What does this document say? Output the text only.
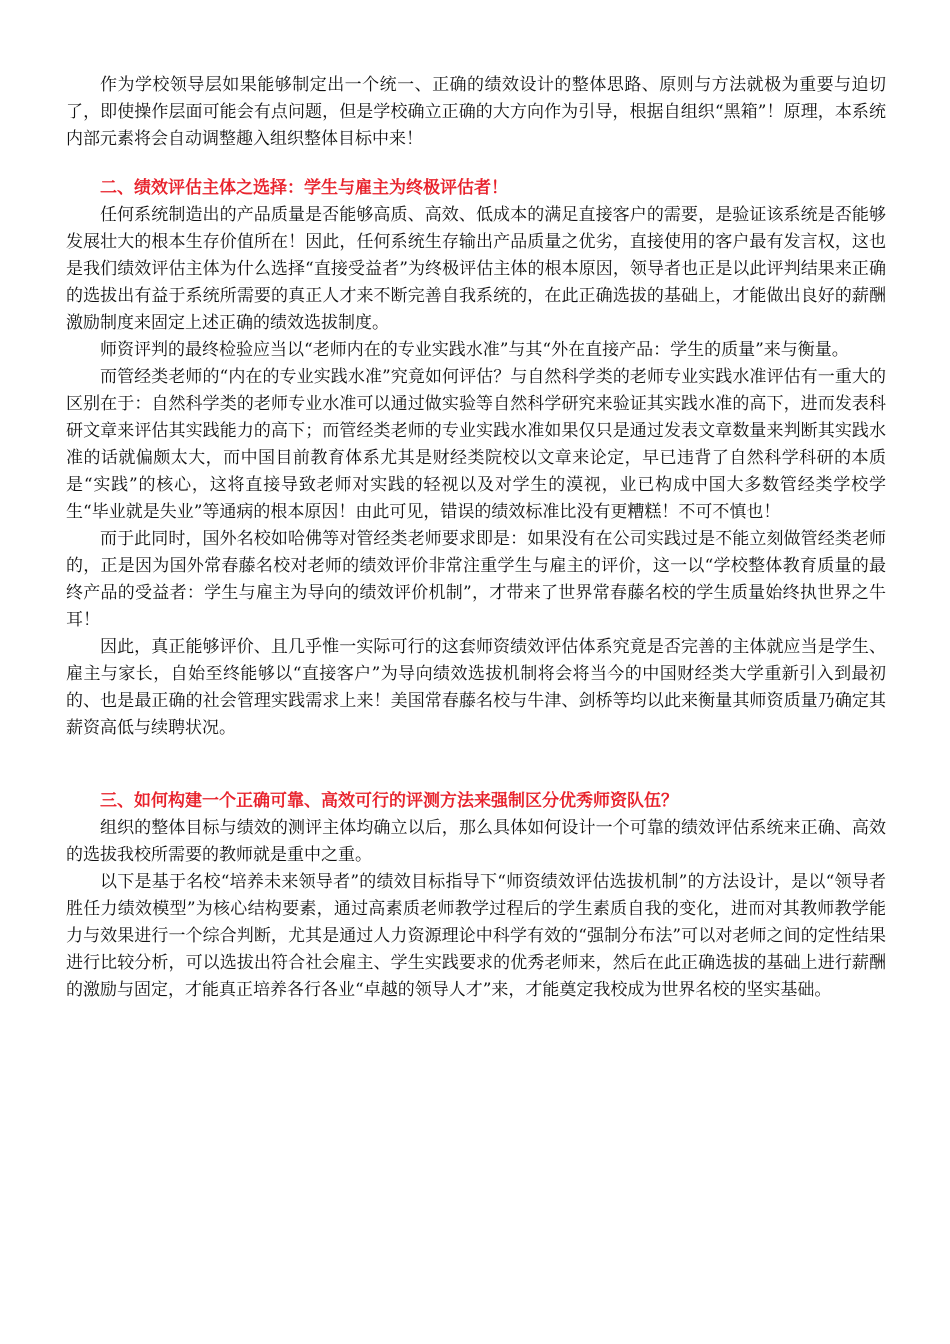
作为学校领导层如果能够制定出一个统一、正确的绩效设计的整体思路、原则与方法就极为重要与迫切了，即使操作层面可能会有点问题，但是学校确立正确的大方向作为引导，根据自组织“黑箱”！原理，本系统内部元素将会自动调整趣入组织整体目标中来！

二、绩效评估主体之选择：学生与雇主为终极评估者！

任何系统制造出的产品质量是否能够高质、高效、低成本的满足直接客户的需要，是验证该系统是否能够发展壮大的根本生存价值所在！因此，任何系统生存输出产品质量之优劣，直接使用的客户最有发言权，这也是我们绩效评估主体为什么选择“直接受益者”为终极评估主体的根本原因，领导者也正是以此评判结果来正确的选拔出有益于系统所需要的真正人才来不断完善自我系统的，在此正确选拔的基础上，才能做出良好的薪酬激励制度来固定上述正确的绩效选拔制度。

师资评判的最终检验应当以“老师内在的专业实践水准”与其“外在直接产品：学生的质量”来与衡量。

而管经类老师的“内在的专业实践水准”究竟如何评估？与自然科学类的老师专业实践水准评估有一重大的区别在于：自然科学类的老师专业水准可以通过做实验等自然科学研究来验证其实践水准的高下，进而发表科研文章来评估其实践能力的高下；而管经类老师的专业实践水准如果仅只是通过发表文章数量来判断其实践水准的话就偏颇太大，而中国目前教育体系尤其是财经类院校以文章来论定，早已违背了自然科学科研的本质是“实践”的核心，这将直接导致老师对实践的轻视以及对学生的漠视，业已构成中国大多数管经类学校学生“毕业就是失业”等通病的根本原因！由此可见，错误的绩效标准比没有更糟糕！不可不慎也！

而于此同时，国外名校如哈佛等对管经类老师要求即是：如果没有在公司实践过是不能立刻做管经类老师的，正是因为国外常春藤名校对老师的绩效评价非常注重学生与雇主的评价，这一以“学校整体教育质量的最终产品的受益者：学生与雇主为导向的绩效评价机制”，才带来了世界常春藤名校的学生质量始终执世界之牛耳！

因此，真正能够评价、且几乎惟一实际可行的这套师资绩效评估体系究竟是否完善的主体就应当是学生、雇主与家长，自始至终能够以“直接客户”为导向绩效选拔机制将会将当今的中国财经类大学重新引入到最初的、也是最正确的社会管理实践需求上来！美国常春藤名校与牛津、剑桥等均以此来衡量其师资质量乃确定其薪资高低与续聘状况。

三、如何构建一个正确可靠、高效可行的评测方法来强制区分优秀师资队伍？

组织的整体目标与绩效的测评主体均确立以后，那么具体如何设计一个可靠的绩效评估系统来正确、高效的选拔我校所需要的教师就是重中之重。

以下是基于名校“培养未来领导者”的绩效目标指导下“师资绩效评估选拔机制”的方法设计，是以“领导者胜任力绩效模型”为核心结构要素，通过高素质老师教学过程后的学生素质自我的变化，进而对其教师教学能力与效果进行一个综合判断，尤其是通过人力资源理论中科学有效的“强制分布法”可以对老师之间的定性结果进行比较分析，可以选拔出符合社会雇主、学生实践要求的优秀老师来，然后在此正确选拔的基础上进行薪酬的激励与固定，才能真正培养各行各业“卓越的领导人才”来，才能奠定我校成为世界名校的坚实基础。
